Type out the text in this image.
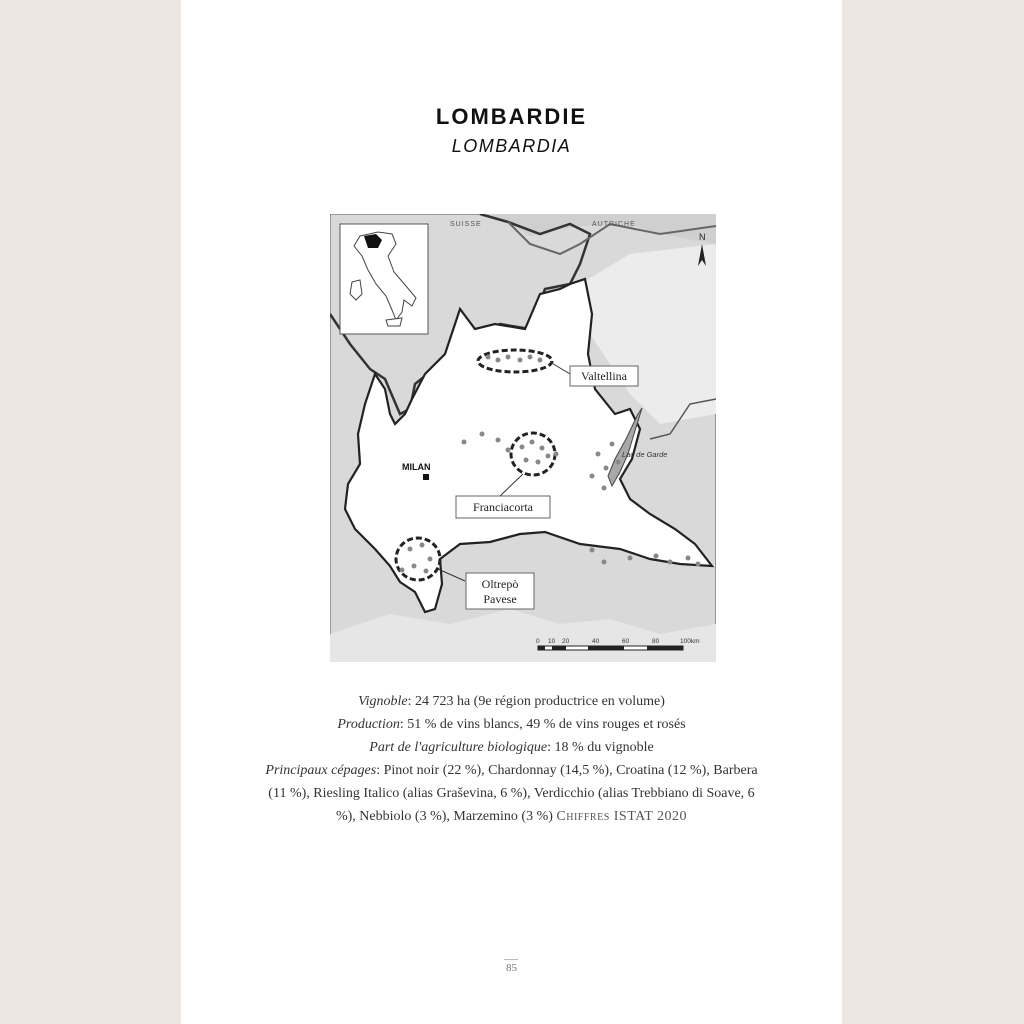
LOMBARDIE
LOMBARDIA
Lac de Garde
N
SUISSE	AUTRICHE
MILAN
Valtellina
Franciacorta
Oltrepò
Pavese
0 10 20	40	60	80	100km

Vignoble: 24 723 ha (9e région productrice en volume)

Production: 51 % de vins blancs, 49 % de vins rouges et rosés

Part de l'agriculture biologique: 18 % du vignoble

Principaux cépages: Pinot noir (22 %), Chardonnay (14,5 %), Croatina (12 %), Barbera (11 %), Riesling Italico (alias Graševina, 6 %), Verdicchio (alias Trebbiano di Soave, 6 %), Nebbiolo (3 %), Marzemino (3 %) Chiffres ISTAT 2020

85
